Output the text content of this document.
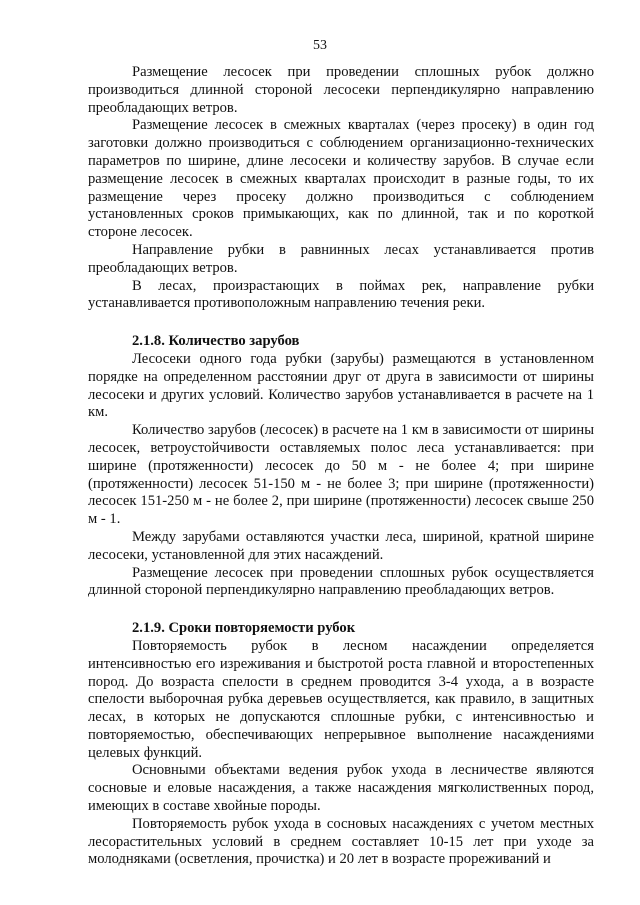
53

Размещение лесосек при проведении сплошных рубок должно производиться длинной стороной лесосеки перпендикулярно направлению преобладающих ветров.

Размещение лесосек в смежных кварталах (через просеку) в один год заготовки должно производиться с соблюдением организационно-технических параметров по ширине, длине лесосеки и количеству зарубов. В случае если размещение лесосек в смежных кварталах происходит в разные годы, то их размещение через просеку должно производиться с соблюдением установленных сроков примыкающих, как по длинной, так и по короткой стороне лесосек.

Направление рубки в равнинных лесах устанавливается против преобладающих ветров.

В лесах, произрастающих в поймах рек, направление рубки устанавливается противоположным направлению течения реки.

2.1.8. Количество зарубов

Лесосеки одного года рубки (зарубы) размещаются в установленном порядке на определенном расстоянии друг от друга в зависимости от ширины лесосеки и других условий. Количество зарубов устанавливается в расчете на 1 км.

Количество зарубов (лесосек) в расчете на 1 км в зависимости от ширины лесосек, ветроустойчивости оставляемых полос леса устанавливается: при ширине (протяженности) лесосек до 50 м - не более 4; при ширине (протяженности) лесосек 51-150 м - не более 3; при ширине (протяженности) лесосек 151-250 м - не более 2, при ширине (протяженности) лесосек свыше 250 м - 1.

Между зарубами оставляются участки леса, шириной, кратной ширине лесосеки, установленной для этих насаждений.

Размещение лесосек при проведении сплошных рубок осуществляется длинной стороной перпендикулярно направлению преобладающих ветров.

2.1.9. Сроки повторяемости рубок

Повторяемость рубок в лесном насаждении определяется интенсивностью его изреживания и быстротой роста главной и второстепенных пород. До возраста спелости в среднем проводится 3-4 ухода, а в возрасте спелости выборочная рубка деревьев осуществляется, как правило, в защитных лесах, в которых не допускаются сплошные рубки, с интенсивностью и повторяемостью, обеспечивающих непрерывное выполнение насаждениями целевых функций.

Основными объектами ведения рубок ухода в лесничестве являются сосновые и еловые насаждения, а также насаждения мягколиственных пород, имеющих в составе хвойные породы.

Повторяемость рубок ухода в сосновых насаждениях с учетом местных лесорастительных условий в среднем составляет 10-15 лет при уходе за молодняками (осветления, прочистка) и 20 лет в возрасте прореживаний и
